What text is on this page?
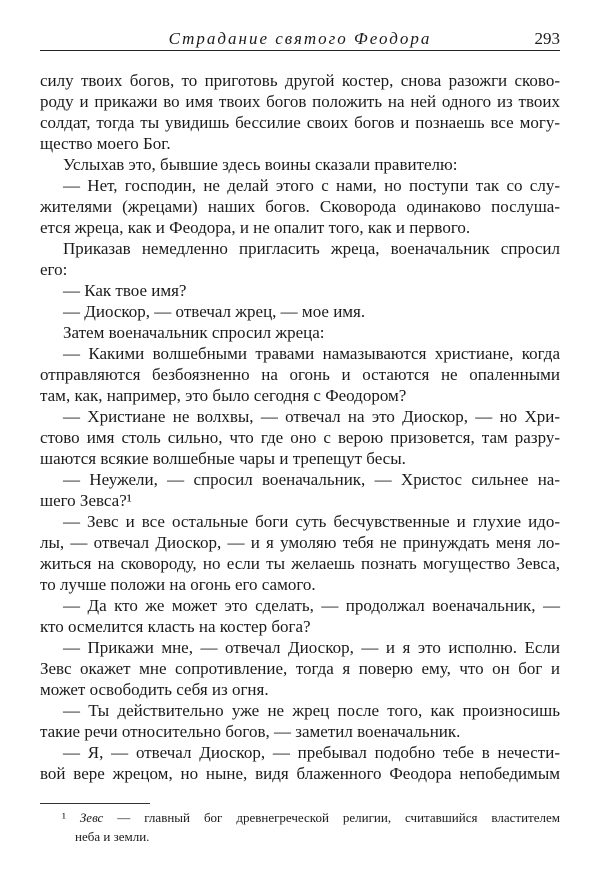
Страдание святого Феодора	293
силу твоих богов, то приготовь другой костер, снова разожги сково-
роду и прикажи во имя твоих богов положить на ней одного из твоих
солдат, тогда ты увидишь бессилие своих богов и познаешь все могу-
щество моего Бог.
Услыхав это, бывшие здесь воины сказали правителю:
— Нет, господин, не делай этого с нами, но поступи так со слу-
жителями (жрецами) наших богов. Сковорода одинаково послуша-
ется жреца, как и Феодора, и не опалит того, как и первого.
Приказав немедленно пригласить жреца, военачальник спросил
его:
— Как твое имя?
— Диоскор, — отвечал жрец, — мое имя.
Затем военачальник спросил жреца:
— Какими волшебными травами намазываются христиане, когда
отправляются безбоязненно на огонь и остаются не опаленными
там, как, например, это было сегодня с Феодором?
— Христиане не волхвы, — отвечал на это Диоскор, — но Хри-
стово имя столь сильно, что где оно с верою призовется, там разру-
шаются всякие волшебные чары и трепещут бесы.
— Неужели, — спросил военачальник, — Христос сильнее на-
шего Зевса?¹
— Зевс и все остальные боги суть бесчувственные и глухие идо-
лы, — отвечал Диоскор, — и я умоляю тебя не принуждать меня ло-
житься на сковороду, но если ты желаешь познать могущество Зевса,
то лучше положи на огонь его самого.
— Да кто же может это сделать, — продолжал военачальник, —
кто осмелится класть на костер бога?
— Прикажи мне, — отвечал Диоскор, — и я это исполню. Если
Зевс окажет мне сопротивление, тогда я поверю ему, что он бог и
может освободить себя из огня.
— Ты действительно уже не жрец после того, как произносишь
такие речи относительно богов, — заметил военачальник.
— Я, — отвечал Диоскор, — пребывал подобно тебе в нечести-
вой вере жрецом, но ныне, видя блаженного Феодора непобедимым
¹ Зевс — главный бог древнегреческой религии, считавшийся властителем
неба и земли.
